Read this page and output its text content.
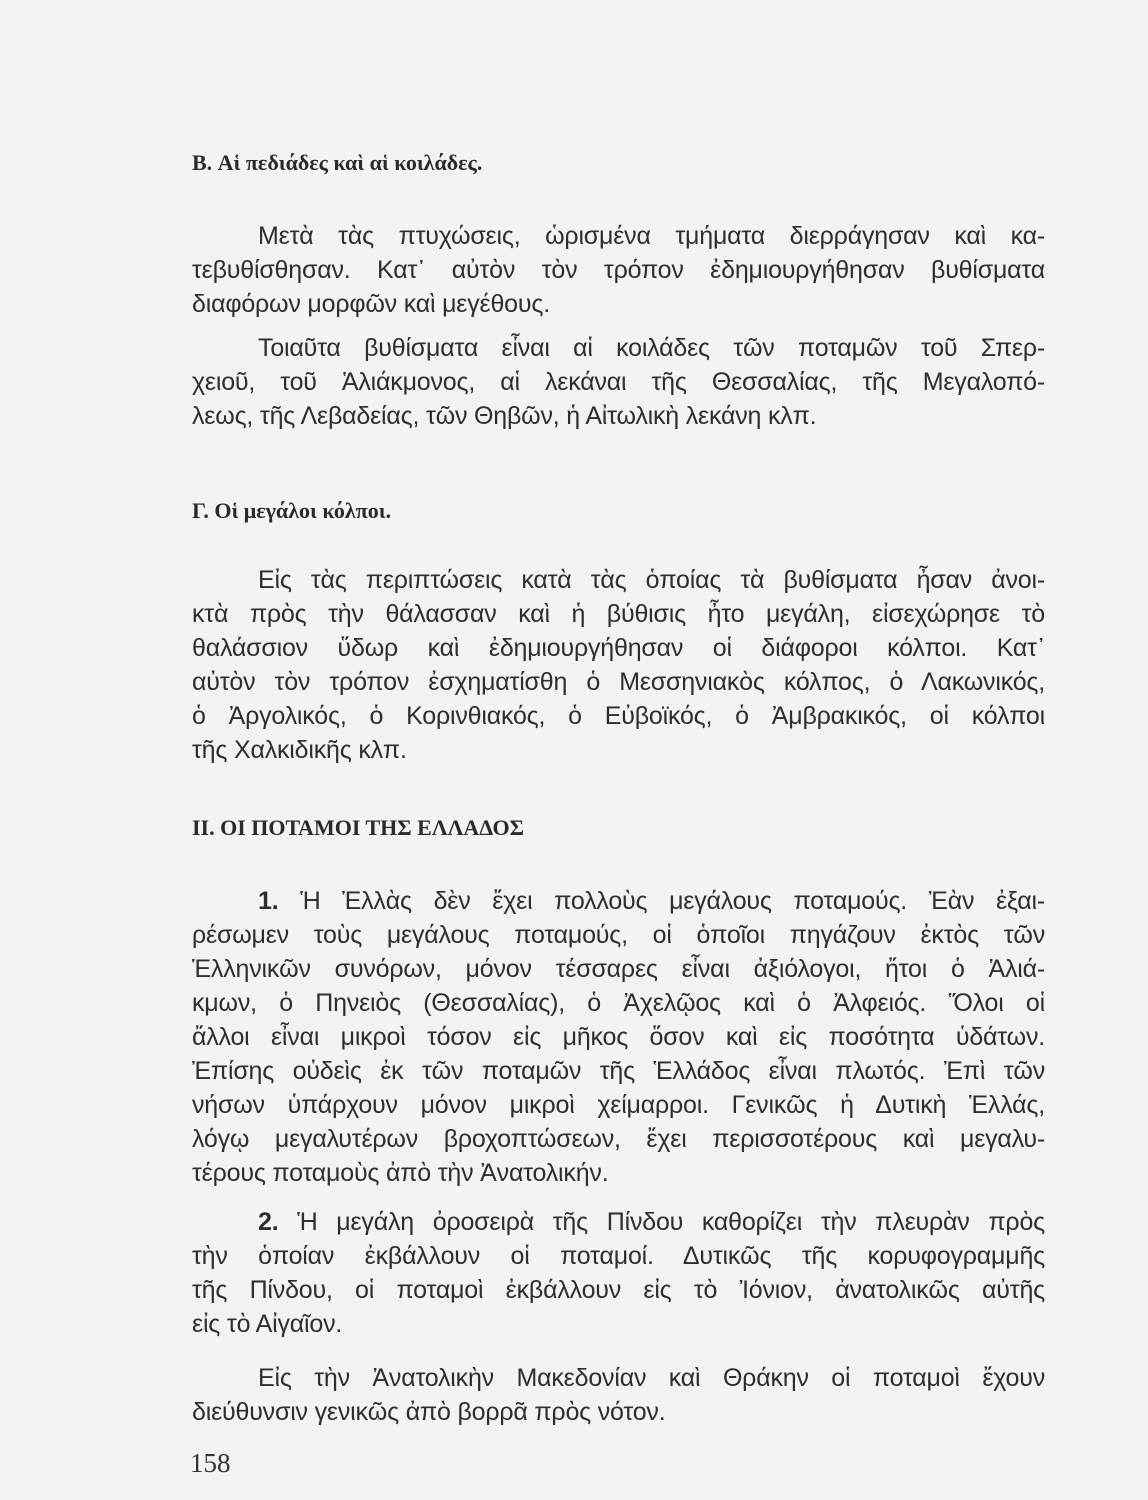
B. Αἱ πεδιάδες καὶ αἱ κοιλάδες.
Μετὰ τὰς πτυχώσεις, ὡρισμένα τμήματα διερράγησαν καὶ κα-
τεβυθίσθησαν. Κατ᾽ αὐτὸν τὸν τρόπον ἐδημιουργήθησαν βυθίσματα
διαφόρων μορφῶν καὶ μεγέθους.
Τοιαῦτα βυθίσματα εἶναι αἱ κοιλάδες τῶν ποταμῶν τοῦ Σπερ-
χειοῦ, τοῦ Ἁλιάκμονος, αἱ λεκάναι τῆς Θεσσαλίας, τῆς Μεγαλοπό-
λεως, τῆς Λεβαδείας, τῶν Θηβῶν, ἡ Αἰτωλικὴ λεκάνη κλπ.
Γ. Οἱ μεγάλοι κόλποι.
Εἰς τὰς περιπτώσεις κατὰ τὰς ὁποίας τὰ βυθίσματα ἦσαν ἀνοι-
κτὰ πρὸς τὴν θάλασσαν καὶ ἡ βύθισις ἦτο μεγάλη, εἰσεχώρησε τὸ
θαλάσσιον ὕδωρ καὶ ἐδημιουργήθησαν οἱ διάφοροι κόλποι. Κατ᾽
αὐτὸν τὸν τρόπον ἐσχηματίσθη ὁ Μεσσηνιακὸς κόλπος, ὁ Λακωνικός,
ὁ Ἀργολικός, ὁ Κορινθιακός, ὁ Εὐβοϊκός, ὁ Ἀμβρακικός, οἱ κόλποι
τῆς Χαλκιδικῆς κλπ.
II. ΟΙ ΠΟΤΑΜΟΙ ΤΗΣ ΕΛΛΑΔΟΣ
1. Ἡ Ἑλλὰς δὲν ἔχει πολλοὺς μεγάλους ποταμούς. Ἐὰν ἐξαι-
ρέσωμεν τοὺς μεγάλους ποταμούς, οἱ ὁποῖοι πηγάζουν ἐκτὸς τῶν
Ἑλληνικῶν συνόρων, μόνον τέσσαρες εἶναι ἀξιόλογοι, ἤτοι ὁ Ἁλιά-
κμων, ὁ Πηνειὸς (Θεσσαλίας), ὁ Ἀχελῷος καὶ ὁ Ἀλφειός. Ὅλοι οἱ
ἄλλοι εἶναι μικροὶ τόσον εἰς μῆκος ὅσον καὶ εἰς ποσότητα ὑδάτων.
Ἐπίσης οὐδεὶς ἐκ τῶν ποταμῶν τῆς Ἑλλάδος εἶναι πλωτός. Ἐπὶ τῶν
νήσων ὑπάρχουν μόνον μικροὶ χείμαρροι. Γενικῶς ἡ Δυτικὴ Ἑλλάς,
λόγῳ μεγαλυτέρων βροχοπτώσεων, ἔχει περισσοτέρους καὶ μεγαλυ-
τέρους ποταμοὺς ἀπὸ τὴν Ἀνατολικήν.
2. Ἡ μεγάλη ὀροσειρὰ τῆς Πίνδου καθορίζει τὴν πλευρὰν πρὸς
τὴν ὁποίαν ἐκβάλλουν οἱ ποταμοί. Δυτικῶς τῆς κορυφογραμμῆς
τῆς Πίνδου, οἱ ποταμοὶ ἐκβάλλουν εἰς τὸ Ἰόνιον, ἀνατολικῶς αὐτῆς
εἰς τὸ Αἰγαῖον.
Εἰς τὴν Ἀνατολικὴν Μακεδονίαν καὶ Θράκην οἱ ποταμοὶ ἔχουν
διεύθυνσιν γενικῶς ἀπὸ βορρᾶ πρὸς νότον.
158
